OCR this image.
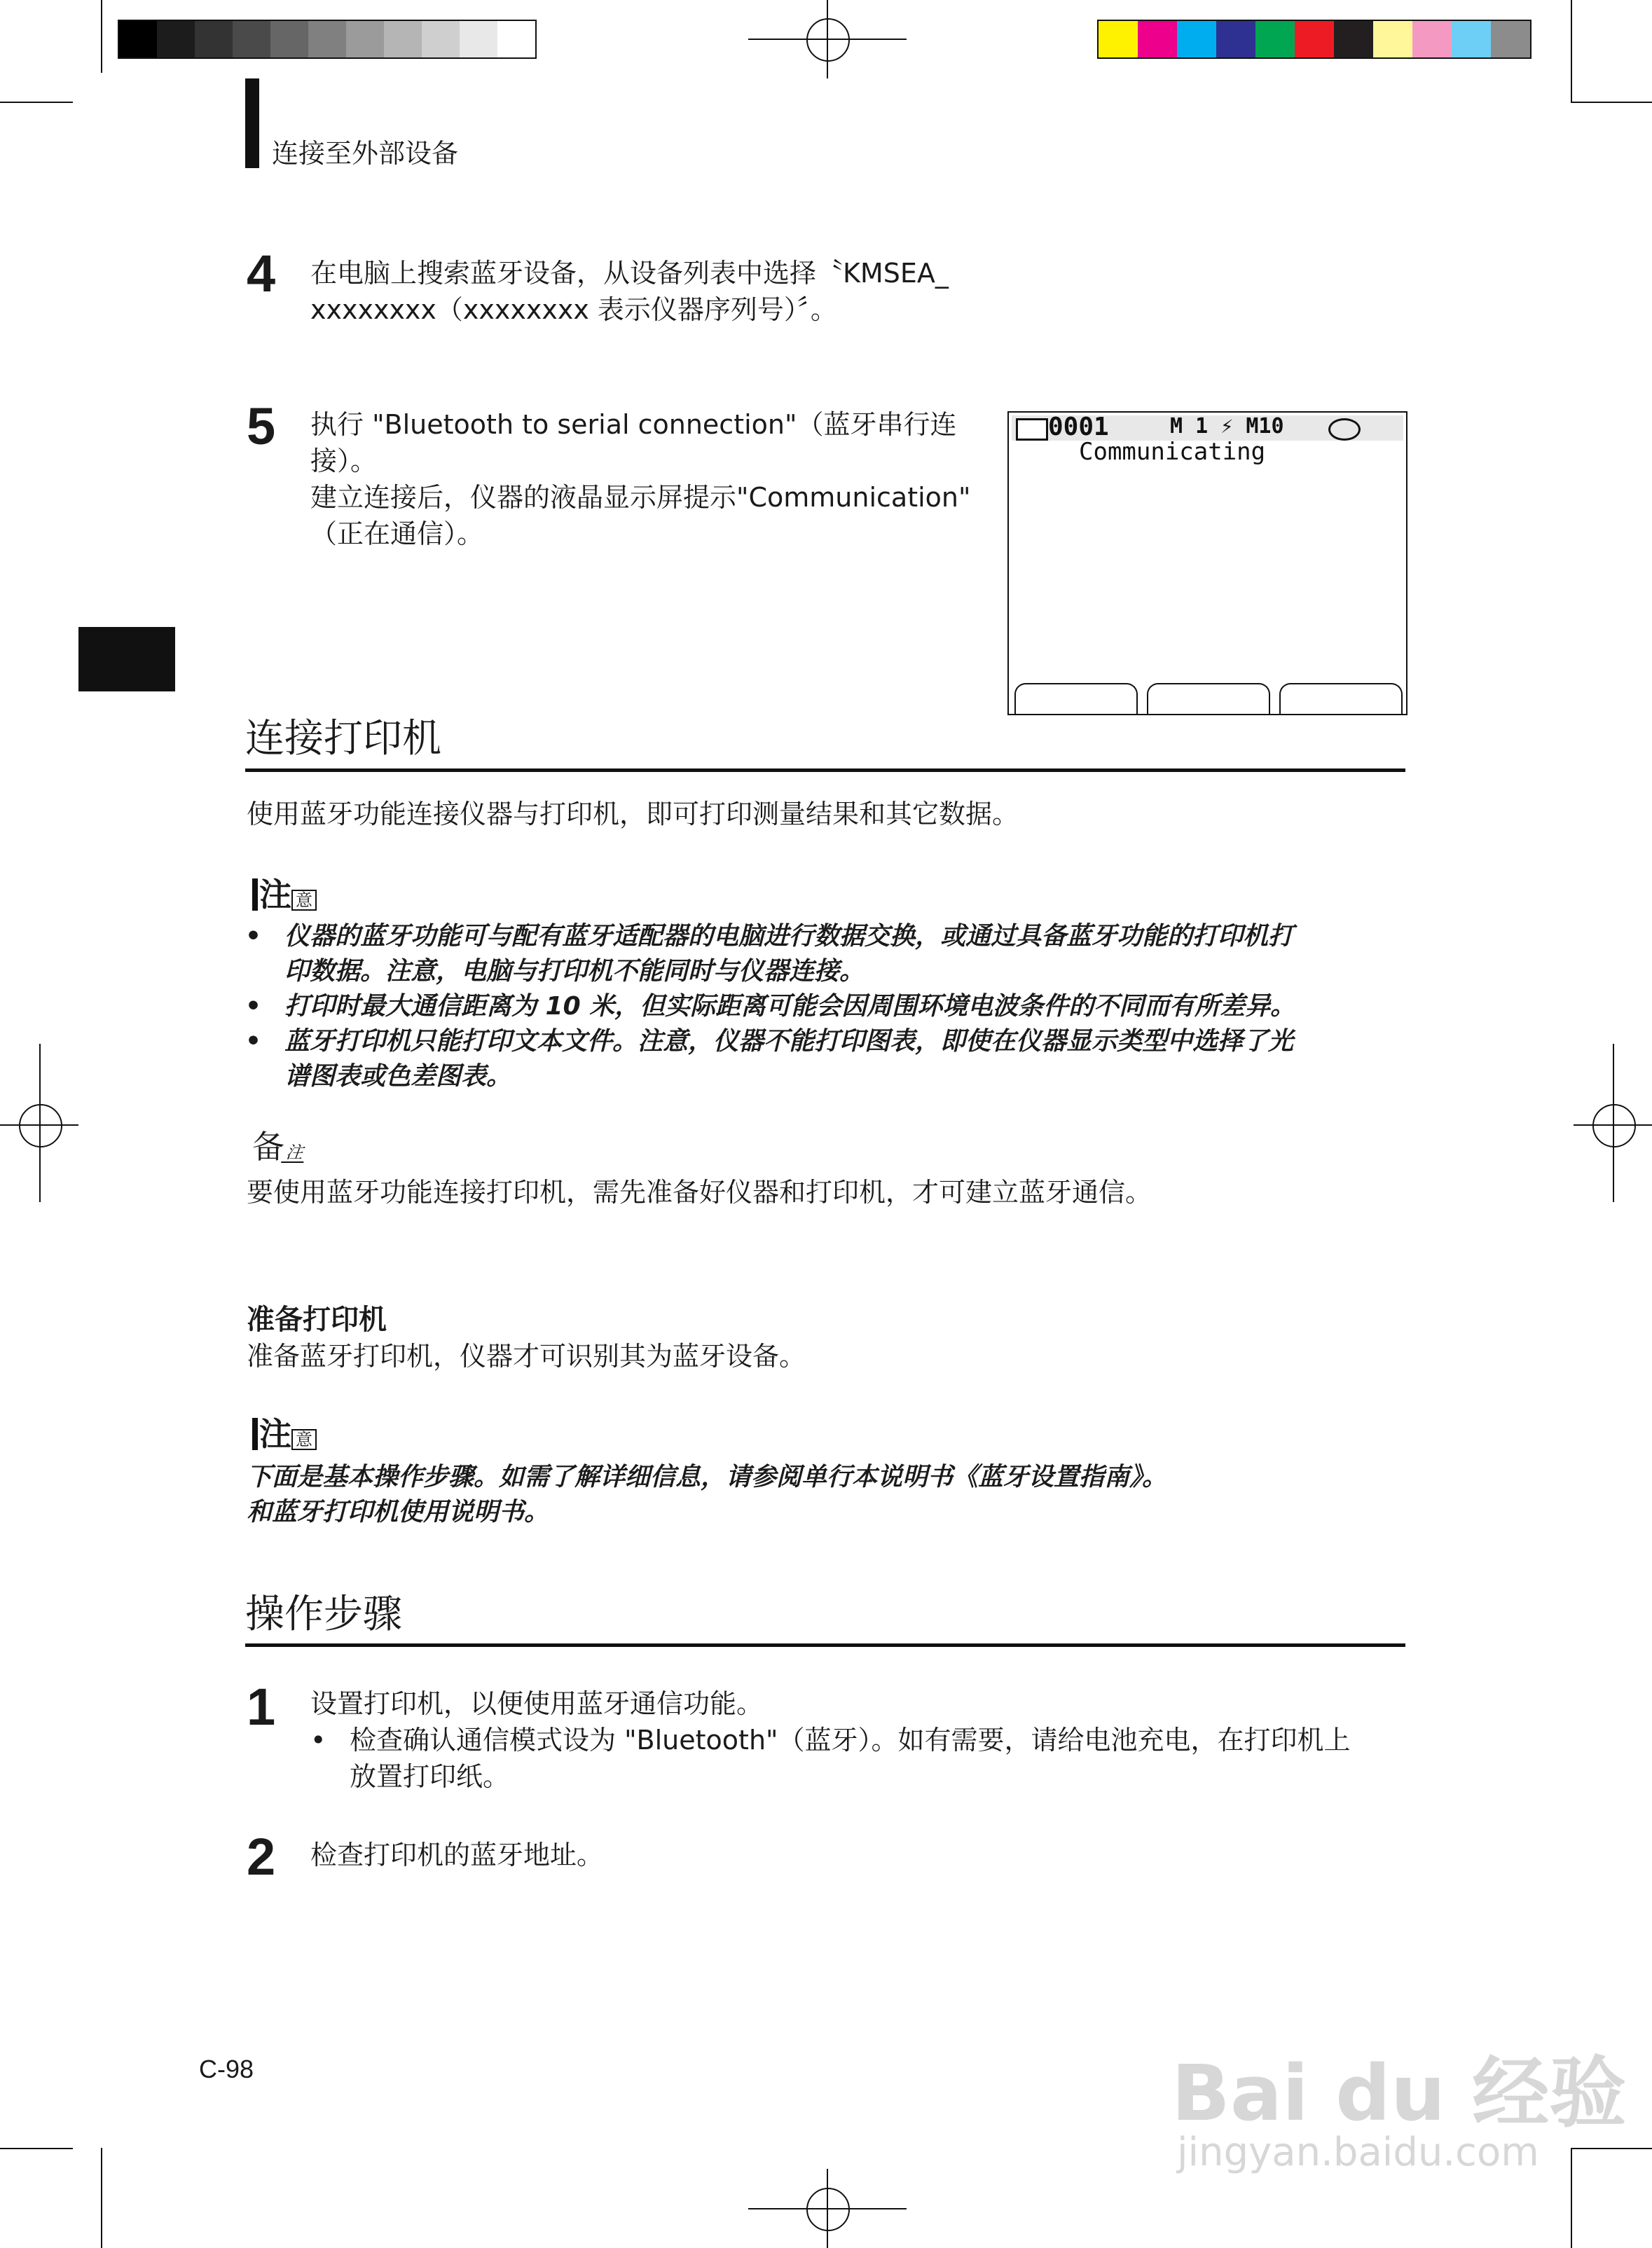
连接至外部设备
4 在电脑上搜索蓝牙设备，从设备列表中选择〝KMSEA_
xxxxxxxx（xxxxxxxx 表示仪器序列号）〞。
5 执行 "Bluetooth to serial connection"（蓝牙串行连接）。
建立连接后，仪器的液晶显示屏提示"Communication"
（正在通信）。
0001	M 1 ⚡ M10
Communicating
连接打印机
使用蓝牙功能连接仪器与打印机，即可打印测量结果和其它数据。
注 意
• 仪器的蓝牙功能可与配有蓝牙适配器的电脑进行数据交换，或通过具备蓝牙功能的打印机打
印数据。注意，电脑与打印机不能同时与仪器连接。
• 打印时最大通信距离为 10 米，但实际距离可能会因周围环境电波条件的不同而有所差异。
• 蓝牙打印机只能打印文本文件。注意，仪器不能打印图表，即使在仪器显示类型中选择了光
谱图表或色差图表。
备 注
要使用蓝牙功能连接打印机，需先准备好仪器和打印机，才可建立蓝牙通信。
准备打印机
准备蓝牙打印机，仪器才可识别其为蓝牙设备。
注 意
下面是基本操作步骤。如需了解详细信息，请参阅单行本说明书《蓝牙设置指南》。
和蓝牙打印机使用说明书。
操作步骤
1 设置打印机，以便使用蓝牙通信功能。
• 检查确认通信模式设为 "Bluetooth"（蓝牙）。如有需要，请给电池充电，在打印机上
放置打印纸。
2 检查打印机的蓝牙地址。
C-98	Bai du 经验
jingyan.baidu.com
